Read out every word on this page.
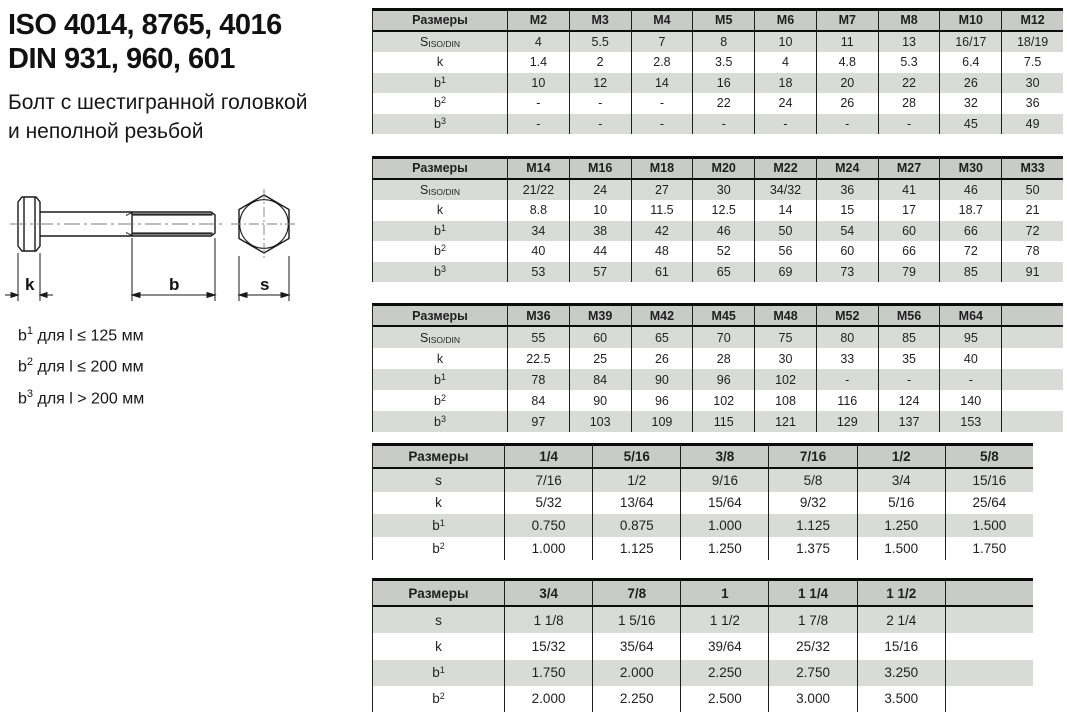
ISO 4014, 8765, 4016
DIN 931, 960, 601
Болт с шестигранной головкой
и неполной резьбой
k	b	s
$b^1$ для l ≤ 125 мм
$b^2$ для l ≤ 200 мм
$b^3$ для l > 200 мм
Размеры	M2	M3	M4	M5	M6	M7	M8	M10	M12
S ISO/DIN	4	5.5	7	8	10	11	13	16/17	18/19
k	1.4	2	2.8	3.5	4	4.8	5.3	6.4	7.5
b 1	10	12	14	16	18	20	22	26	30
b 2	-	-	-	22	24	26	28	32	36
b 3	-	-	-	-	-	-	-	45	49
Размеры	M14	M16	M18	M20	M22	M24	M27	M30	M33
S ISO/DIN	21/22	24	27	30	34/32	36	41	46	50
k	8.8	10	11.5	12.5	14	15	17	18.7	21
b 1	34	38	42	46	50	54	60	66	72
b 2	40	44	48	52	56	60	66	72	78
b 3	53	57	61	65	69	73	79	85	91
Размеры	M36	M39	M42	M45	M48	M52	M56	M64
S ISO/DIN	55	60	65	70	75	80	85	95
k	22.5	25	26	28	30	33	35	40
b 1	78	84	90	96	102	-	-	-
b 2	84	90	96	102	108	116	124	140
b 3	97	103	109	115	121	129	137	153
Размеры	1/4	5/16	3/8	7/16	1/2	5/8
s	7/16	1/2	9/16	5/8	3/4	15/16
k	5/32	13/64	15/64	9/32	5/16	25/64
b 1	0.750	0.875	1.000	1.125	1.250	1.500
b 2	1.000	1.125	1.250	1.375	1.500	1.750
Размеры	3/4	7/8	1	1 1/4	1 1/2
s	1 1/8	1 5/16	1 1/2	1 7/8	2 1/4
k	15/32	35/64	39/64	25/32	15/16
b 1	1.750	2.000	2.250	2.750	3.250
b 2	2.000	2.250	2.500	3.000	3.500
